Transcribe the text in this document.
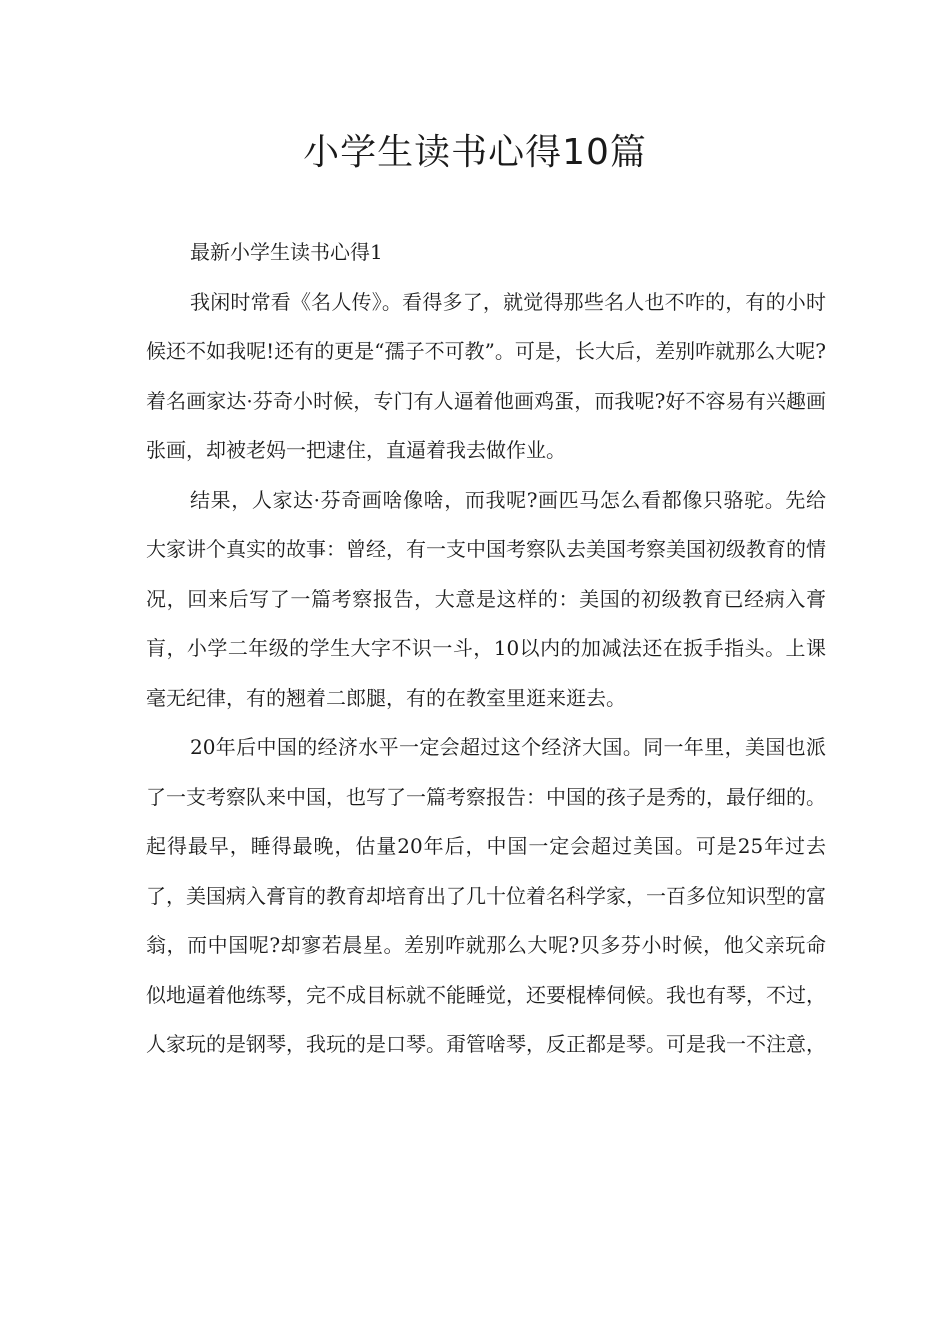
小学生读书心得10篇
最新小学生读书心得1

我闲时常看《名人传》。看得多了，就觉得那些名人也不咋的，有的小时候还不如我呢!还有的更是“孺子不可教”。可是，长大后，差别咋就那么大呢?着名画家达·芬奇小时候，专门有人逼着他画鸡蛋，而我呢?好不容易有兴趣画张画，却被老妈一把逮住，直逼着我去做作业。

结果，人家达·芬奇画啥像啥，而我呢?画匹马怎么看都像只骆驼。先给大家讲个真实的故事：曾经，有一支中国考察队去美国考察美国初级教育的情况，回来后写了一篇考察报告，大意是这样的：美国的初级教育已经病入膏肓，小学二年级的学生大字不识一斗，10以内的加减法还在扳手指头。上课毫无纪律，有的翘着二郎腿，有的在教室里逛来逛去。

20年后中国的经济水平一定会超过这个经济大国。同一年里，美国也派了一支考察队来中国，也写了一篇考察报告：中国的孩子是秀的，最仔细的。起得最早，睡得最晚，估量20年后，中国一定会超过美国。可是25年过去了，美国病入膏肓的教育却培育出了几十位着名科学家，一百多位知识型的富翁，而中国呢?却寥若晨星。差别咋就那么大呢?贝多芬小时候，他父亲玩命似地逼着他练琴，完不成目标就不能睡觉，还要棍棒伺候。我也有琴，不过，人家玩的是钢琴，我玩的是口琴。甭管啥琴，反正都是琴。可是我一不注意，
